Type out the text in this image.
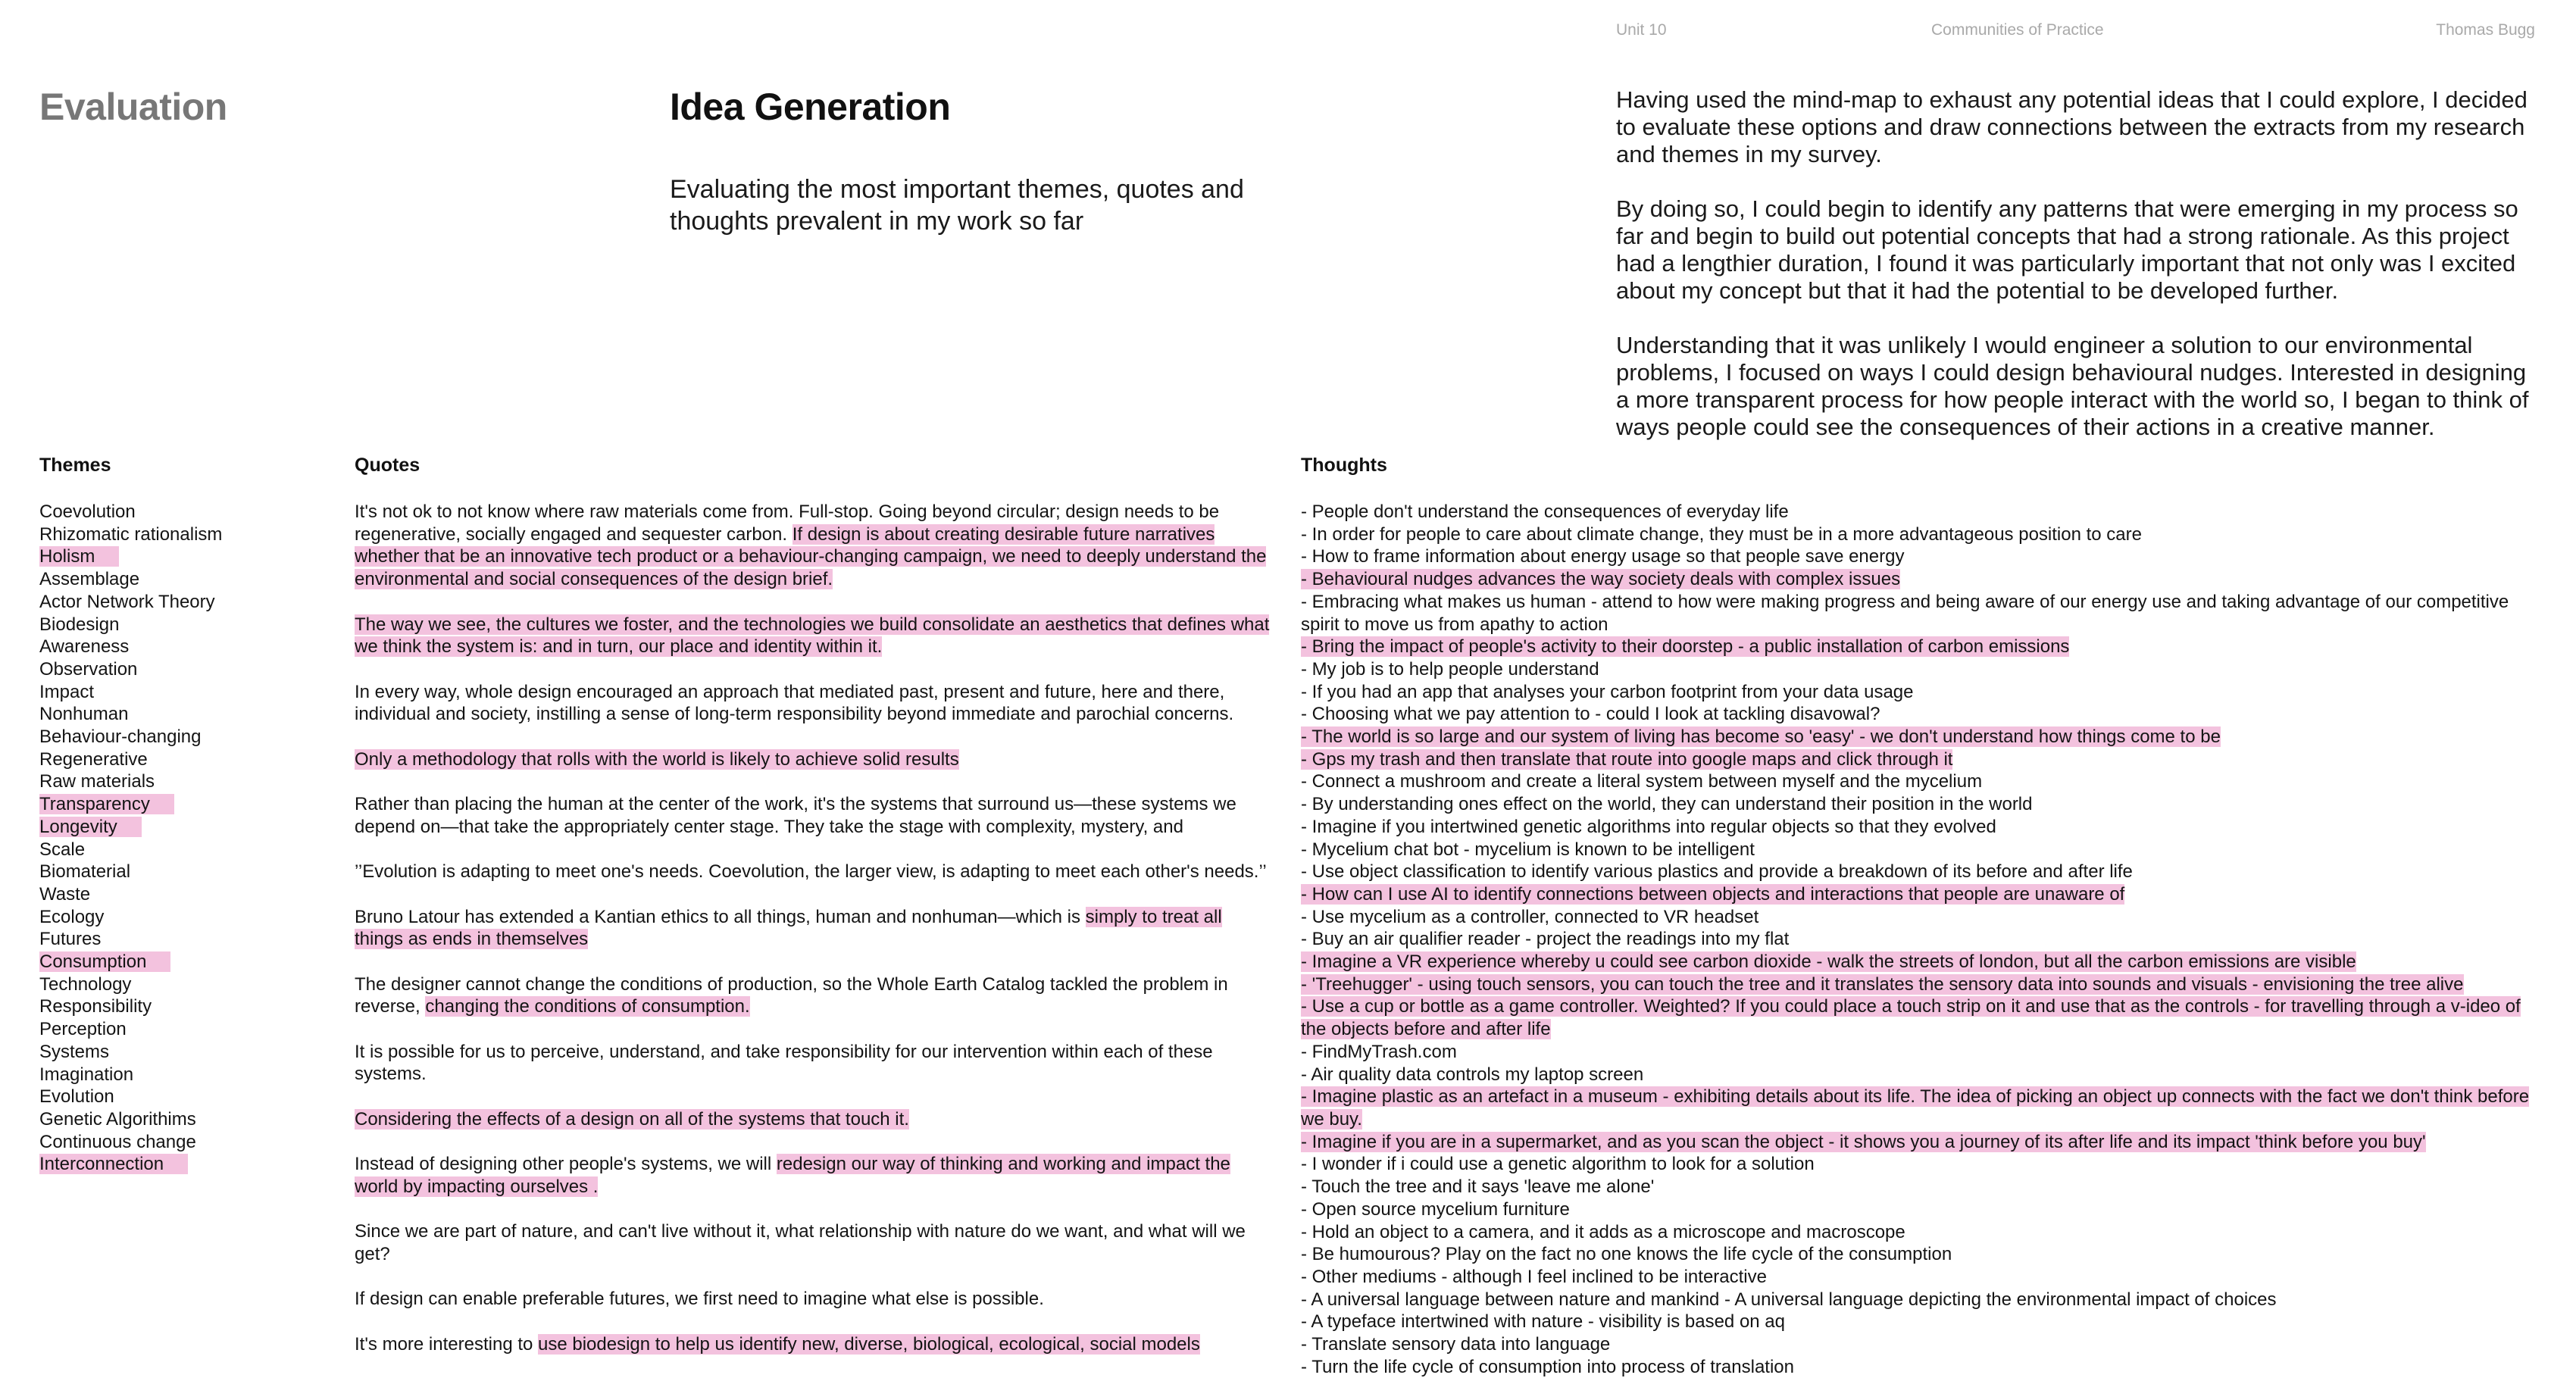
Unit 10	Communities of Practice	Thomas Bugg
Evaluation	Idea Generation
Evaluating the most important themes, quotes and thoughts prevalent in my work so far

Having used the mind-map to exhaust any potential ideas that I could explore, I decided to evaluate these options and draw connections between the extracts from my research and themes in my survey.

By doing so, I could begin to identify any patterns that were emerging in my process so far and begin to build out potential concepts that had a strong rationale. As this project had a lengthier duration, I found it was particularly important that not only was I excited about my concept but that it had the potential to be developed further.

Understanding that it was unlikely I would engineer a solution to our environmental problems, I focused on ways I could design behavioural nudges. Interested in designing a more transparent process for how people interact with the world so, I began to think of ways people could see the consequences of their actions in a creative manner.

Themes	Quotes	Thoughts
Coevolution
Rhizomatic rationalism
Holism
Assemblage
Actor Network Theory
Biodesign
Awareness
Observation
Impact
Nonhuman
Behaviour-changing
Regenerative
Raw materials
Transparency
Longevity
Scale
Biomaterial
Waste
Ecology
Futures
Consumption
Technology
Responsibility
Perception
Systems
Imagination
Evolution
Genetic Algorithims
Continuous change
Interconnection
It's not ok to not know where raw materials come from. Full-stop. Going beyond circular; design needs to be regenerative, socially engaged and sequester carbon. If design is about creating desirable future narratives whether that be an innovative tech product or a behaviour-changing campaign, we need to deeply understand the environmental and social consequences of the design brief.
The way we see, the cultures we foster, and the technologies we build consolidate an aesthetics that defines what we think the system is: and in turn, our place and identity within it.
In every way, whole design encouraged an approach that mediated past, present and future, here and there, individual and society, instilling a sense of long-term responsibility beyond immediate and parochial concerns.
Only a methodology that rolls with the world is likely to achieve solid results
Rather than placing the human at the center of the work, it's the systems that surround us—these systems we depend on—that take the appropriately center stage. They take the stage with complexity, mystery, and
’’Evolution is adapting to meet one's needs. Coevolution, the larger view, is adapting to meet each other's needs.’’
Bruno Latour has extended a Kantian ethics to all things, human and nonhuman—which is simply to treat all things as ends in themselves
The designer cannot change the conditions of production, so the Whole Earth Catalog tackled the problem in reverse, changing the conditions of consumption.
It is possible for us to perceive, understand, and take responsibility for our intervention within each of these systems.
Considering the effects of a design on all of the systems that touch it.
Instead of designing other people's systems, we will redesign our way of thinking and working and impact the world by impacting ourselves .
Since we are part of nature, and can't live without it, what relationship with nature do we want, and what will we get?
If design can enable preferable futures, we first need to imagine what else is possible.
It's more interesting to use biodesign to help us identify new, diverse, biological, ecological, social models
- People don't understand the consequences of everyday life
- In order for people to care about climate change, they must be in a more advantageous position to care
- How to frame information about energy usage so that people save energy
- Behavioural nudges advances the way society deals with complex issues
- Embracing what makes us human - attend to how were making progress and being aware of our energy use and taking advantage of our competitive spirit to move us from apathy to action
- Bring the impact of people's activity to their doorstep - a public installation of carbon emissions
- My job is to help people understand
- If you had an app that analyses your carbon footprint from your data usage
- Choosing what we pay attention to - could I look at tackling disavowal?
- The world is so large and our system of living has become so 'easy' - we don't understand how things come to be
- Gps my trash and then translate that route into google maps and click through it
- Connect a mushroom and create a literal system between myself and the mycelium
- By understanding ones effect on the world, they can understand their position in the world
- Imagine if you intertwined genetic algorithms into regular objects so that they evolved
- Mycelium chat bot - mycelium is known to be intelligent
- Use object classification to identify various plastics and provide a breakdown of its before and after life
- How can I use AI to identify connections between objects and interactions that people are unaware of
- Use mycelium as a controller, connected to VR headset
- Buy an air qualifier reader - project the readings into my flat
- Imagine a VR experience whereby u could see carbon dioxide - walk the streets of london, but all the carbon emissions are visible
- 'Treehugger' - using touch sensors, you can touch the tree and it translates the sensory data into sounds and visuals - envisioning the tree alive
- Use a cup or bottle as a game controller. Weighted? If you could place a touch strip on it and use that as the controls - for travelling through a v-ideo of the objects before and after life
- FindMyTrash.com
- Air quality data controls my laptop screen
- Imagine plastic as an artefact in a museum - exhibiting details about its life. The idea of picking an object up connects with the fact we don't think before we buy.
- Imagine if you are in a supermarket, and as you scan the object - it shows you a journey of its after life and its impact 'think before you buy'
- I wonder if i could use a genetic algorithm to look for a solution
- Touch the tree and it says 'leave me alone'
- Open source mycelium furniture
- Hold an object to a camera, and it adds as a microscope and macroscope
- Be humourous? Play on the fact no one knows the life cycle of the consumption
- Other mediums - although I feel inclined to be interactive
- A universal language between nature and mankind - A universal language depicting the environmental impact of choices
- A typeface intertwined with nature - visibility is based on aq
- Translate sensory data into language
- Turn the life cycle of consumption into process of translation
